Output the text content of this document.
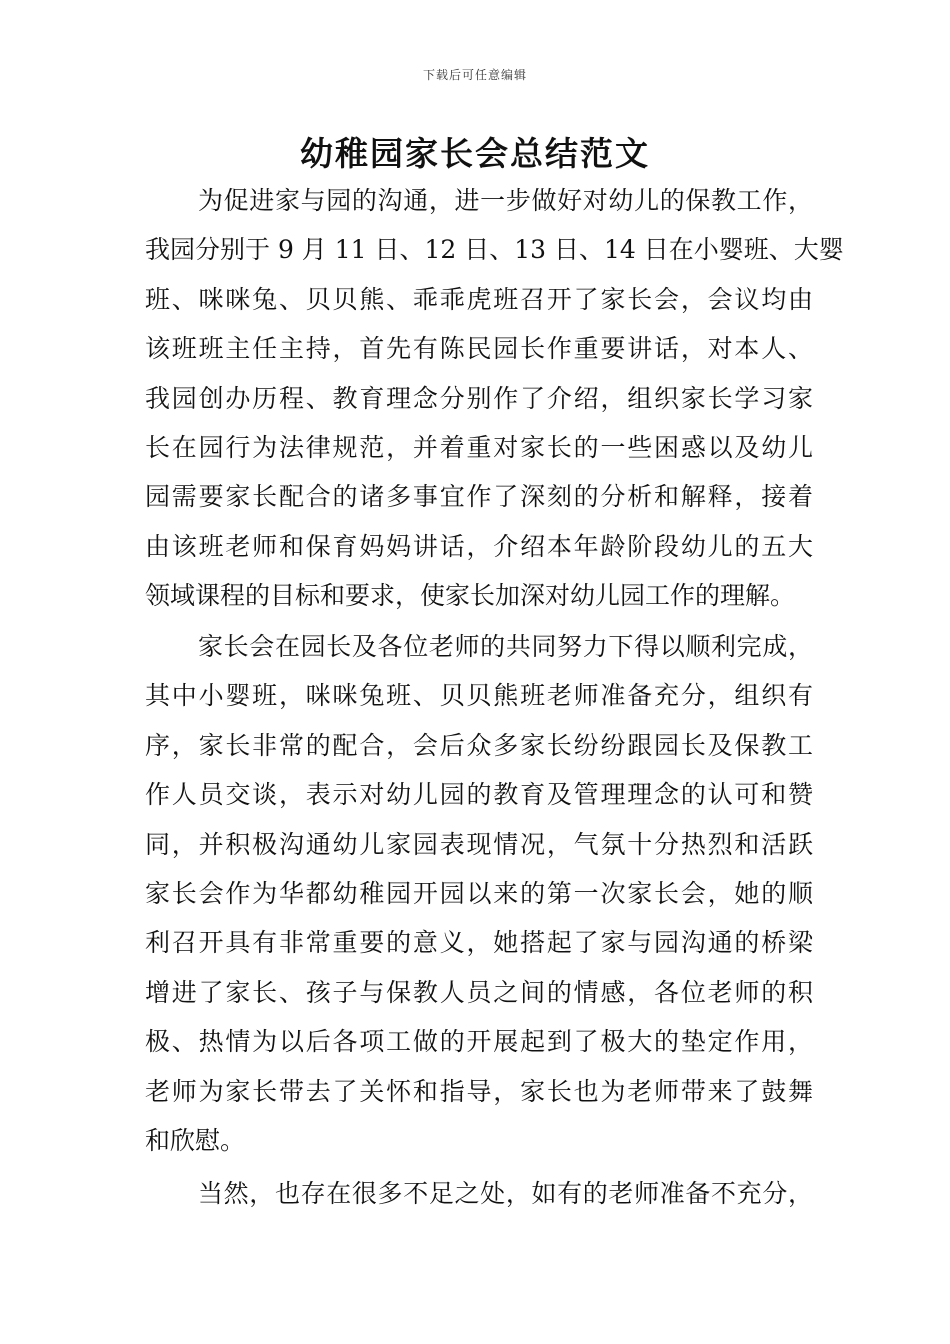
下载后可任意编辑
幼稚园家长会总结范文

为促进家与园的沟通，进一步做好对幼儿的保教工作，

我园分别于 9 月 11 日、12 日、13 日、14 日在小婴班、大婴

班、咪咪兔、贝贝熊、乖乖虎班召开了家长会，会议均由

该班班主任主持，首先有陈民园长作重要讲话，对本人、

我园创办历程、教育理念分别作了介绍，组织家长学习家

长在园行为法律规范，并着重对家长的一些困惑以及幼儿

园需要家长配合的诸多事宜作了深刻的分析和解释，接着

由该班老师和保育妈妈讲话，介绍本年龄阶段幼儿的五大

领域课程的目标和要求，使家长加深对幼儿园工作的理解。

家长会在园长及各位老师的共同努力下得以顺利完成，

其中小婴班，咪咪兔班、贝贝熊班老师准备充分，组织有

序，家长非常的配合，会后众多家长纷纷跟园长及保教工

作人员交谈，表示对幼儿园的教育及管理理念的认可和赞

同，并积极沟通幼儿家园表现情况，气氛十分热烈和活跃

家长会作为华都幼稚园开园以来的第一次家长会，她的顺

利召开具有非常重要的意义，她搭起了家与园沟通的桥梁

增进了家长、孩子与保教人员之间的情感，各位老师的积

极、热情为以后各项工做的开展起到了极大的垫定作用，

老师为家长带去了关怀和指导，家长也为老师带来了鼓舞

和欣慰。

当然，也存在很多不足之处，如有的老师准备不充分，
